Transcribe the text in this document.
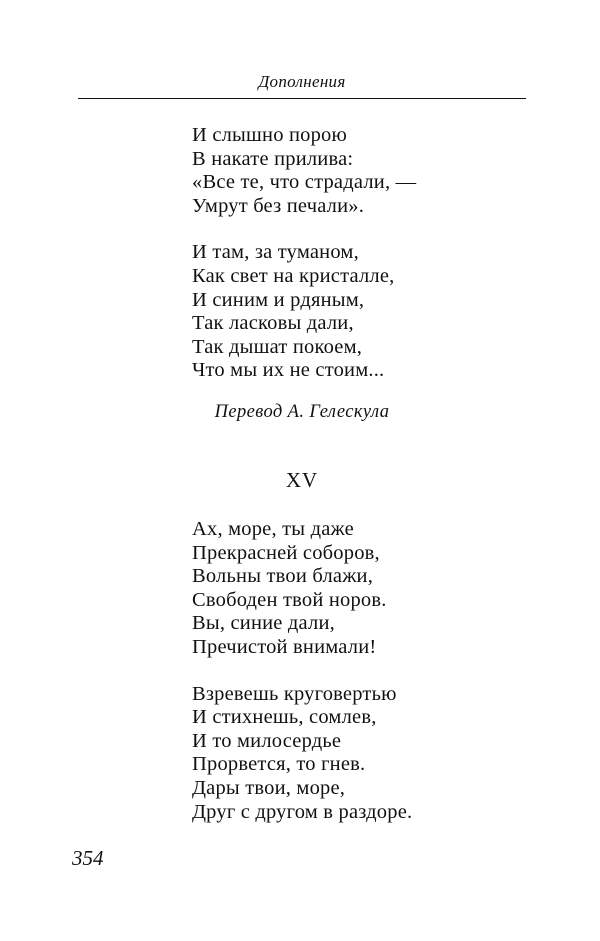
Дополнения
И слышно порою
В накате прилива:
«Все те, что страдали, —
Умрут без печали».
И там, за туманом,
Как свет на кристалле,
И синим и рдяным,
Так ласковы дали,
Так дышат покоем,
Что мы их не стоим...
Перевод А. Гелескула
XV
Ах, море, ты даже
Прекрасней соборов,
Вольны твои блажи,
Свободен твой норов.
Вы, синие дали,
Пречистой внимали!
Взревешь круговертью
И стихнешь, сомлев,
И то милосердье
Прорвется, то гнев.
Дары твои, море,
Друг с другом в раздоре.
354
